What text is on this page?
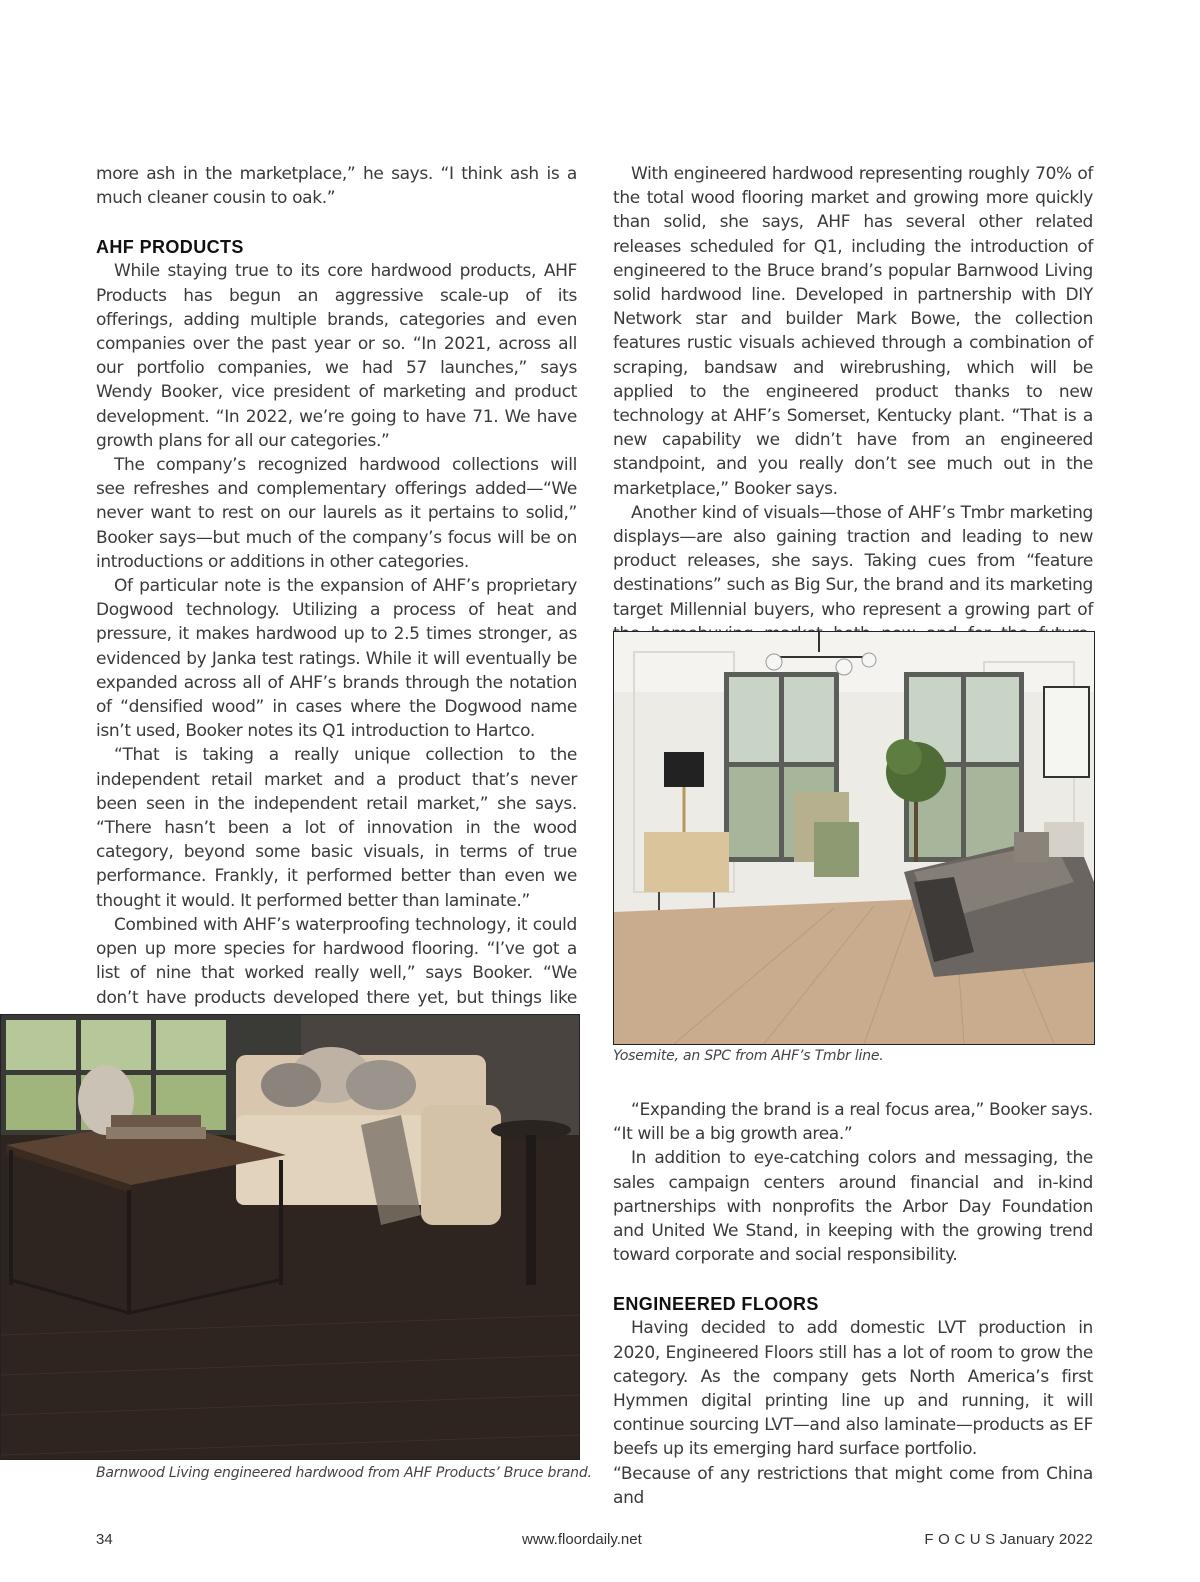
more ash in the marketplace,” he says. “I think ash is a much cleaner cousin to oak.”

AHF PRODUCTS

While staying true to its core hardwood products, AHF Products has begun an aggressive scale-up of its offerings, adding multiple brands, categories and even companies over the past year or so. “In 2021, across all our portfolio companies, we had 57 launches,” says Wendy Booker, vice president of marketing and product development. “In 2022, we’re going to have 71. We have growth plans for all our categories.”

The company’s recognized hardwood collections will see refreshes and complementary offerings added—“We never want to rest on our laurels as it pertains to solid,” Booker says—but much of the company’s focus will be on introductions or additions in other categories.

Of particular note is the expansion of AHF’s proprietary Dogwood technology. Utilizing a process of heat and pressure, it makes hardwood up to 2.5 times stronger, as evidenced by Janka test ratings. While it will eventually be expanded across all of AHF’s brands through the notation of “densified wood” in cases where the Dogwood name isn’t used, Booker notes its Q1 introduction to Hartco.

“That is taking a really unique collection to the independent retail market and a product that’s never been seen in the independent retail market,” she says. “There hasn’t been a lot of innovation in the wood category, beyond some basic visuals, in terms of true performance. Frankly, it performed better than even we thought it would. It performed better than laminate.”

Combined with AHF’s waterproofing technology, it could open up more species for hardwood flooring. “I’ve got a list of nine that worked really well,” says Booker. “We don’t have products developed there yet, but things like

With engineered hardwood representing roughly 70% of the total wood flooring market and growing more quickly than solid, she says, AHF has several other related releases scheduled for Q1, including the introduction of engineered to the Bruce brand’s popular Barnwood Living solid hardwood line. Developed in partnership with DIY Network star and builder Mark Bowe, the collection features rustic visuals achieved through a combination of scraping, bandsaw and wirebrushing, which will be applied to the engineered product thanks to new technology at AHF’s Somerset, Kentucky plant. “That is a new capability we didn’t have from an engineered standpoint, and you really don’t see much out in the marketplace,” Booker says.

Another kind of visuals—those of AHF’s Tmbr marketing displays—are also gaining traction and leading to new product releases, she says. Taking cues from “feature destinations” such as Big Sur, the brand and its marketing target Millennial buyers, who represent a growing part of

Yosemite, an SPC from AHF’s Tmbr line.

“Expanding the brand is a real focus area,” Booker says. “It will be a big growth area.”

In addition to eye-catching colors and messaging, the sales campaign centers around financial and in-kind partnerships with nonprofits the Arbor Day Foundation and United We Stand, in keeping with the growing trend toward corporate and social responsibility.

ENGINEERED FLOORS

Having decided to add domestic LVT production in 2020, Engineered Floors still has a lot of room to grow the category. As the company gets North America’s first Hymmen digital printing line up and running, it will continue sourcing LVT—and also laminate—products as EF beefs up its emerging hard surface portfolio.

“Because of any restrictions that might come from China and

Barnwood Living engineered hardwood from AHF Products’ Bruce brand.
34	www.floordaily.net	F O C U S January 2022
